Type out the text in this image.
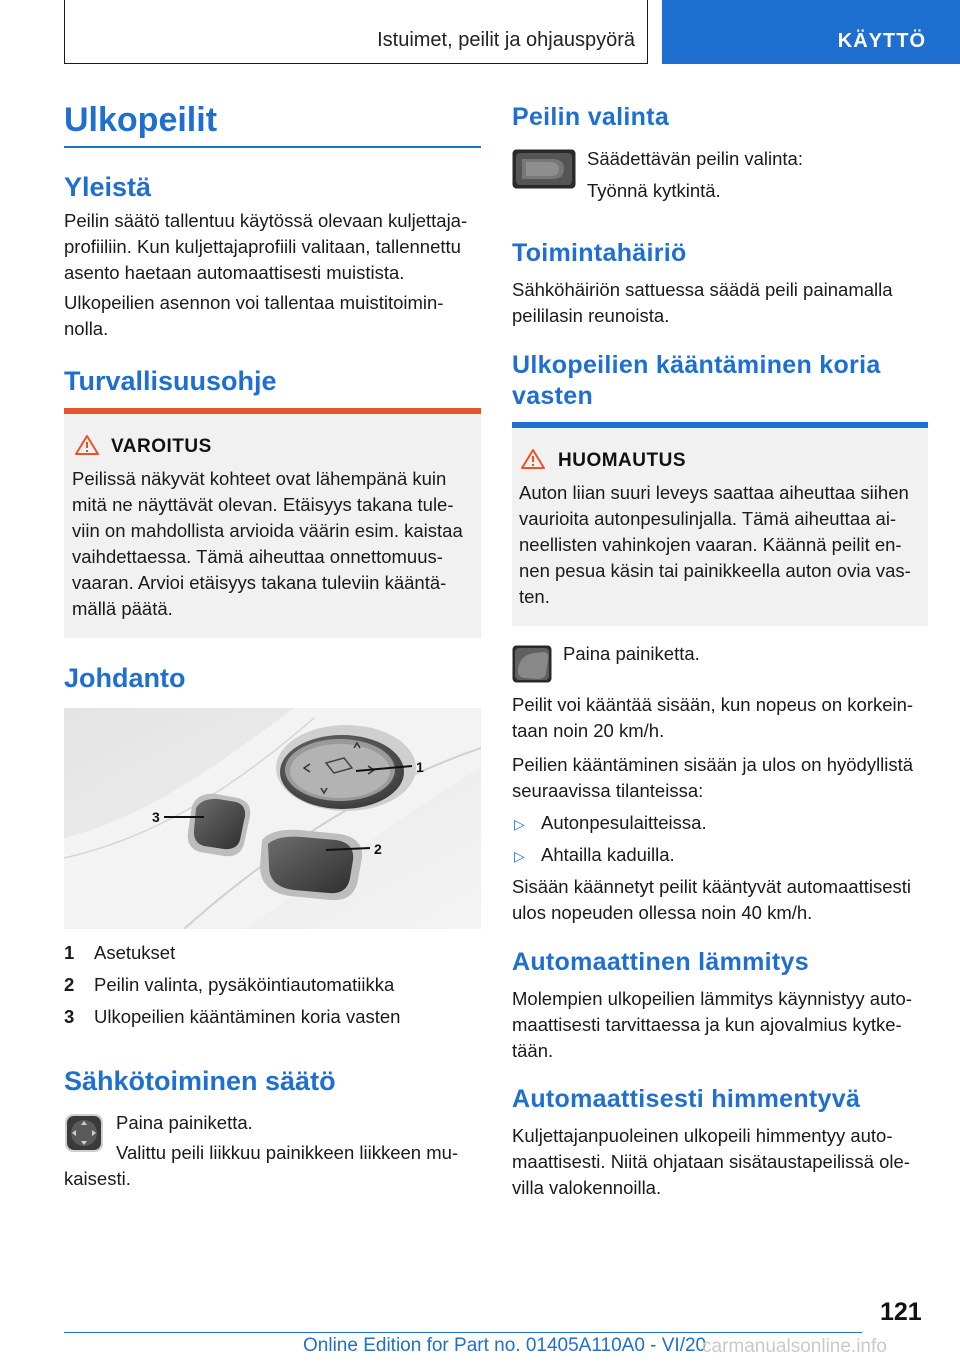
Istuimet, peilit ja ohjauspyörä	KÄYTTÖ
Ulkopeilit
Yleistä
Peilin säätö tallentuu käytössä olevaan kuljettaja-
profiiliin. Kun kuljettajaprofiili valitaan, tallennettu
asento haetaan automaattisesti muistista.
Ulkopeilien asennon voi tallentaa muistitoimin-
nolla.
Turvallisuusohje
VAROITUS
Peilissä näkyvät kohteet ovat lähempänä kuin
mitä ne näyttävät olevan. Etäisyys takana tule-
viin on mahdollista arvioida väärin esim. kaistaa
vaihdettaessa. Tämä aiheuttaa onnettomuus-
vaaran. Arvioi etäisyys takana tuleviin kääntä-
mällä päätä.
Johdanto
1
3
2
1 Asetukset
2 Peilin valinta, pysäköintiautomatiikka
3 Ulkopeilien kääntäminen koria vasten
Sähkötoiminen säätö
Paina painiketta.
Valittu peili liikkuu painikkeen liikkeen mu-
kaisesti.
Peilin valinta
Säädettävän peilin valinta:
Työnnä kytkintä.
Toimintahäiriö
Sähköhäiriön sattuessa säädä peili painamalla
peililasin reunoista.
Ulkopeilien kääntäminen koria
vasten
HUOMAUTUS
Auton liian suuri leveys saattaa aiheuttaa siihen
vaurioita autonpesulinjalla. Tämä aiheuttaa ai-
neellisten vahinkojen vaaran. Käännä peilit en-
nen pesua käsin tai painikkeella auton ovia vas-
ten.
Paina painiketta.
Peilit voi kääntää sisään, kun nopeus on korkein-
taan noin 20 km/h.
Peilien kääntäminen sisään ja ulos on hyödyllistä
seuraavissa tilanteissa:
▷ Autonpesulaitteissa.
▷ Ahtailla kaduilla.
Sisään käännetyt peilit kääntyvät automaattisesti
ulos nopeuden ollessa noin 40 km/h.
Automaattinen lämmitys
Molempien ulkopeilien lämmitys käynnistyy auto-
maattisesti tarvittaessa ja kun ajovalmius kytke-
tään.
Automaattisesti himmentyvä
Kuljettajanpuoleinen ulkopeili himmentyy auto-
maattisesti. Niitä ohjataan sisätaustapeilissä ole-
villa valokennoilla.
121
Online Edition for Part no. 01405A110A0 - VI/20
carmanualsonline.info
